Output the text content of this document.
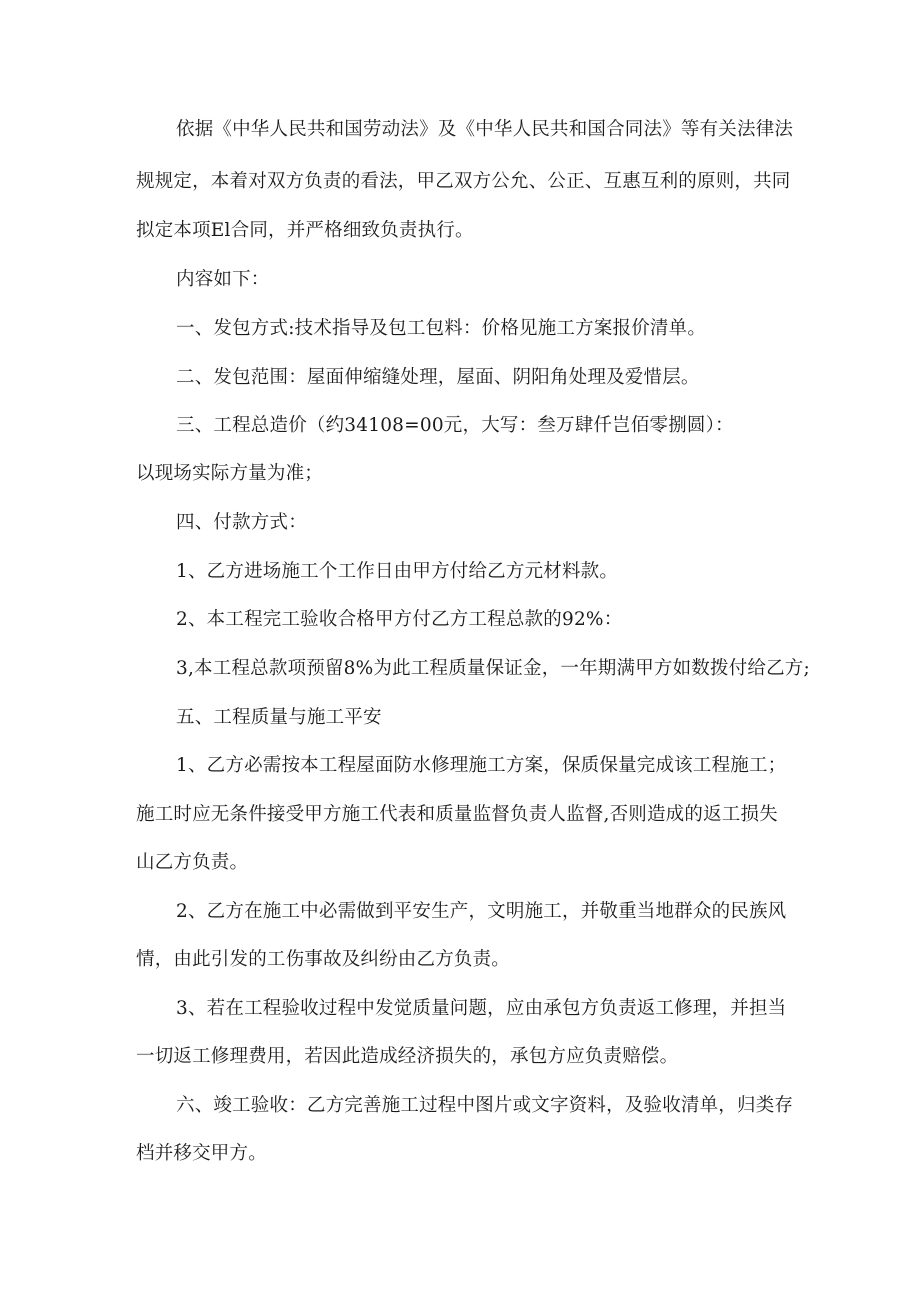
依据《中华人民共和国劳动法》及《中华人民共和国合同法》等有关法律法
规规定，本着对双方负责的看法，甲乙双方公允、公正、互惠互利的原则，共同
拟定本项El合同，并严格细致负责执行。
内容如下：
一、发包方式:技术指导及包工包料：价格见施工方案报价清单。
二、发包范围：屋面伸缩缝处理，屋面、阴阳角处理及爱惜层。
三、工程总造价（约34108=00元，大写：叁万肆仟岂佰零捌圆）：
以现场实际方量为准；
四、付款方式：
1、乙方进场施工个工作日由甲方付给乙方元材料款。
2、本工程完工验收合格甲方付乙方工程总款的92%：
3,本工程总款项预留8%为此工程质量保证金，一年期满甲方如数拨付给乙方;
五、工程质量与施工平安
1、乙方必需按本工程屋面防水修理施工方案，保质保量完成该工程施工；
施工时应无条件接受甲方施工代表和质量监督负责人监督,否则造成的返工损失
山乙方负责。
2、乙方在施工中必需做到平安生产，文明施工，并敬重当地群众的民族风
情，由此引发的工伤事故及纠纷由乙方负责。
3、若在工程验收过程中发觉质量问题，应由承包方负责返工修理，并担当
一切返工修理费用，若因此造成经济损失的，承包方应负责赔偿。
六、竣工验收：乙方完善施工过程中图片或文字资料，及验收清单，归类存
档并移交甲方。
